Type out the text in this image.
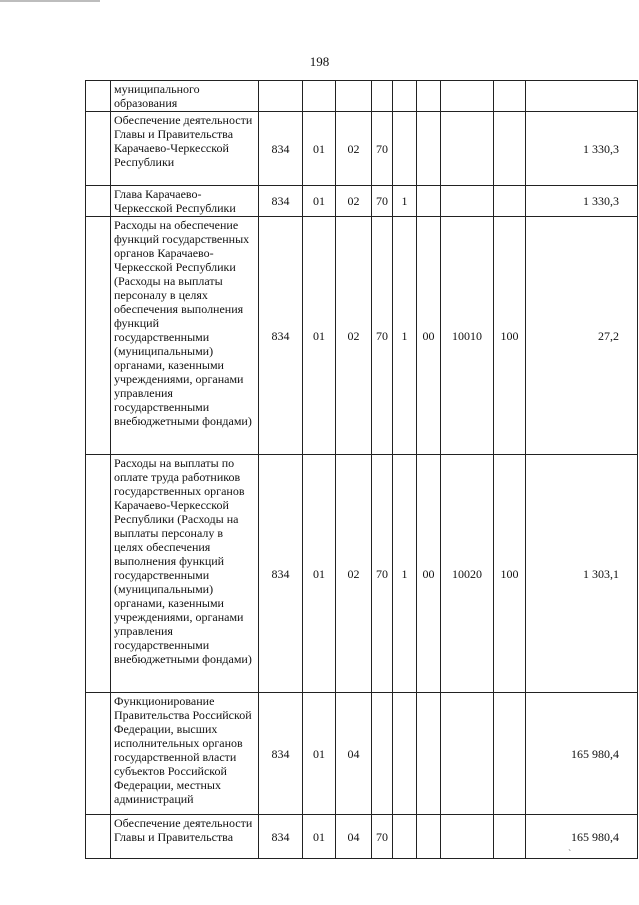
198
	муниципального образования									
	Обеспечение деятельности Главы и Правительства Карачаево-Черкесской Республики	834	01	02	70					1 330,3
	Глава Карачаево-Черкесской Республики	834	01	02	70	1				1 330,3
	Расходы на обеспечение функций государственных органов Карачаево-Черкесской Республики (Расходы на выплаты персоналу в целях обеспечения выполнения функций государственными (муниципальными) органами, казенными учреждениями, органами управления государственными внебюджетными фондами)	834	01	02	70	1	00	10010	100	27,2
	Расходы на выплаты по оплате труда работников государственных органов Карачаево-Черкесской Республики (Расходы на выплаты персоналу в целях обеспечения выполнения функций государственными (муниципальными) органами, казенными учреждениями, органами управления государственными внебюджетными фондами)	834	01	02	70	1	00	10020	100	1 303,1
	Функционирование Правительства Российской Федерации, высших исполнительных органов государственной власти субъектов Российской Федерации, местных администраций	834	01	04						165 980,4
	Обеспечение деятельности Главы и Правительства	834	01	04	70					165 980,4
`
